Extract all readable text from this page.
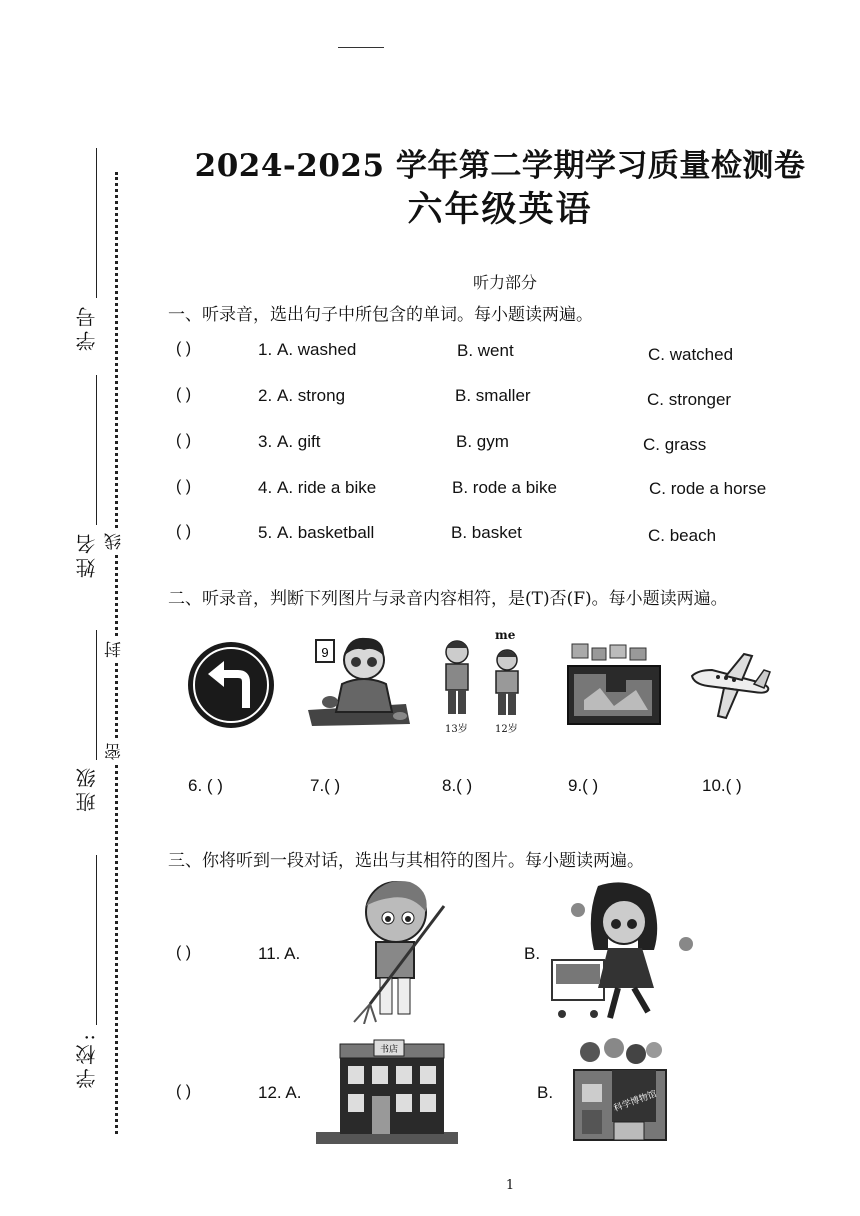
学号
姓名
班级
学校:
线
封
密
2024-2025 学年第二学期学习质量检测卷
六年级英语
听力部分
一、听录音，选出句子中所包含的单词。每小题读两遍。
( )	1. A. washed	B. went	C. watched
( )	2. A. strong	B. smaller	C. stronger
( )	3. A. gift	B. gym	C. grass
( )	4. A. ride a bike	B. rode a bike	C. rode a horse
( )	5. A. basketball	B. basket	C. beach
二、听录音，判断下列图片与录音内容相符，是(T)否(F)。每小题读两遍。
9
me
13岁	12岁
6. ( )	7.( )	8.( )	9.( )	10.( )
三、你将听到一段对话，选出与其相符的图片。每小题读两遍。
( )	11. A.	B.
( )	12. A.
书店
B.	科学博物馆
1
